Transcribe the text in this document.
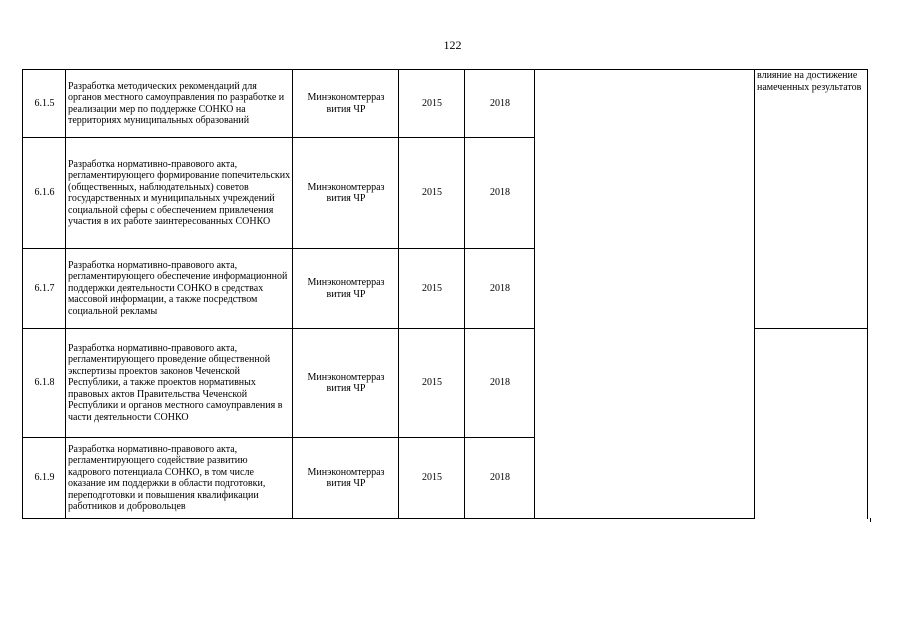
122
6.1.5	Разработка методических рекомендаций для органов местного самоуправления по разработке и реализации мер по поддержке СОНКО на территориях муниципальных образований	Минэкономтерраз вития ЧР	2015	2018		влияние на достижение намеченных результатов
6.1.6	Разработка нормативно-правового акта, регламентирующего формирование попечительских (общественных, наблюдательных) советов государственных и муниципальных учреждений социальной сферы с обеспечением привлечения участия в их работе заинтересованных СОНКО	Минэкономтерраз вития ЧР	2015	2018		
6.1.7	Разработка нормативно-правового акта, регламентирующего обеспечение информационной поддержки деятельности СОНКО в средствах массовой информации, а также посредством социальной рекламы	Минэкономтерраз вития ЧР	2015	2018		
6.1.8	Разработка нормативно-правового акта, регламентирующего проведение общественной экспертизы проектов законов Чеченской Республики, а также проектов нормативных правовых актов Правительства Чеченской Республики и органов местного самоуправления в части деятельности СОНКО	Минэкономтерраз вития ЧР	2015	2018		
6.1.9	Разработка нормативно-правового акта, регламентирующего содействие развитию кадрового потенциала СОНКО, в том числе оказание им поддержки в области подготовки, переподготовки и повышения квалификации работников и добровольцев	Минэкономтерраз вития ЧР	2015	2018		
